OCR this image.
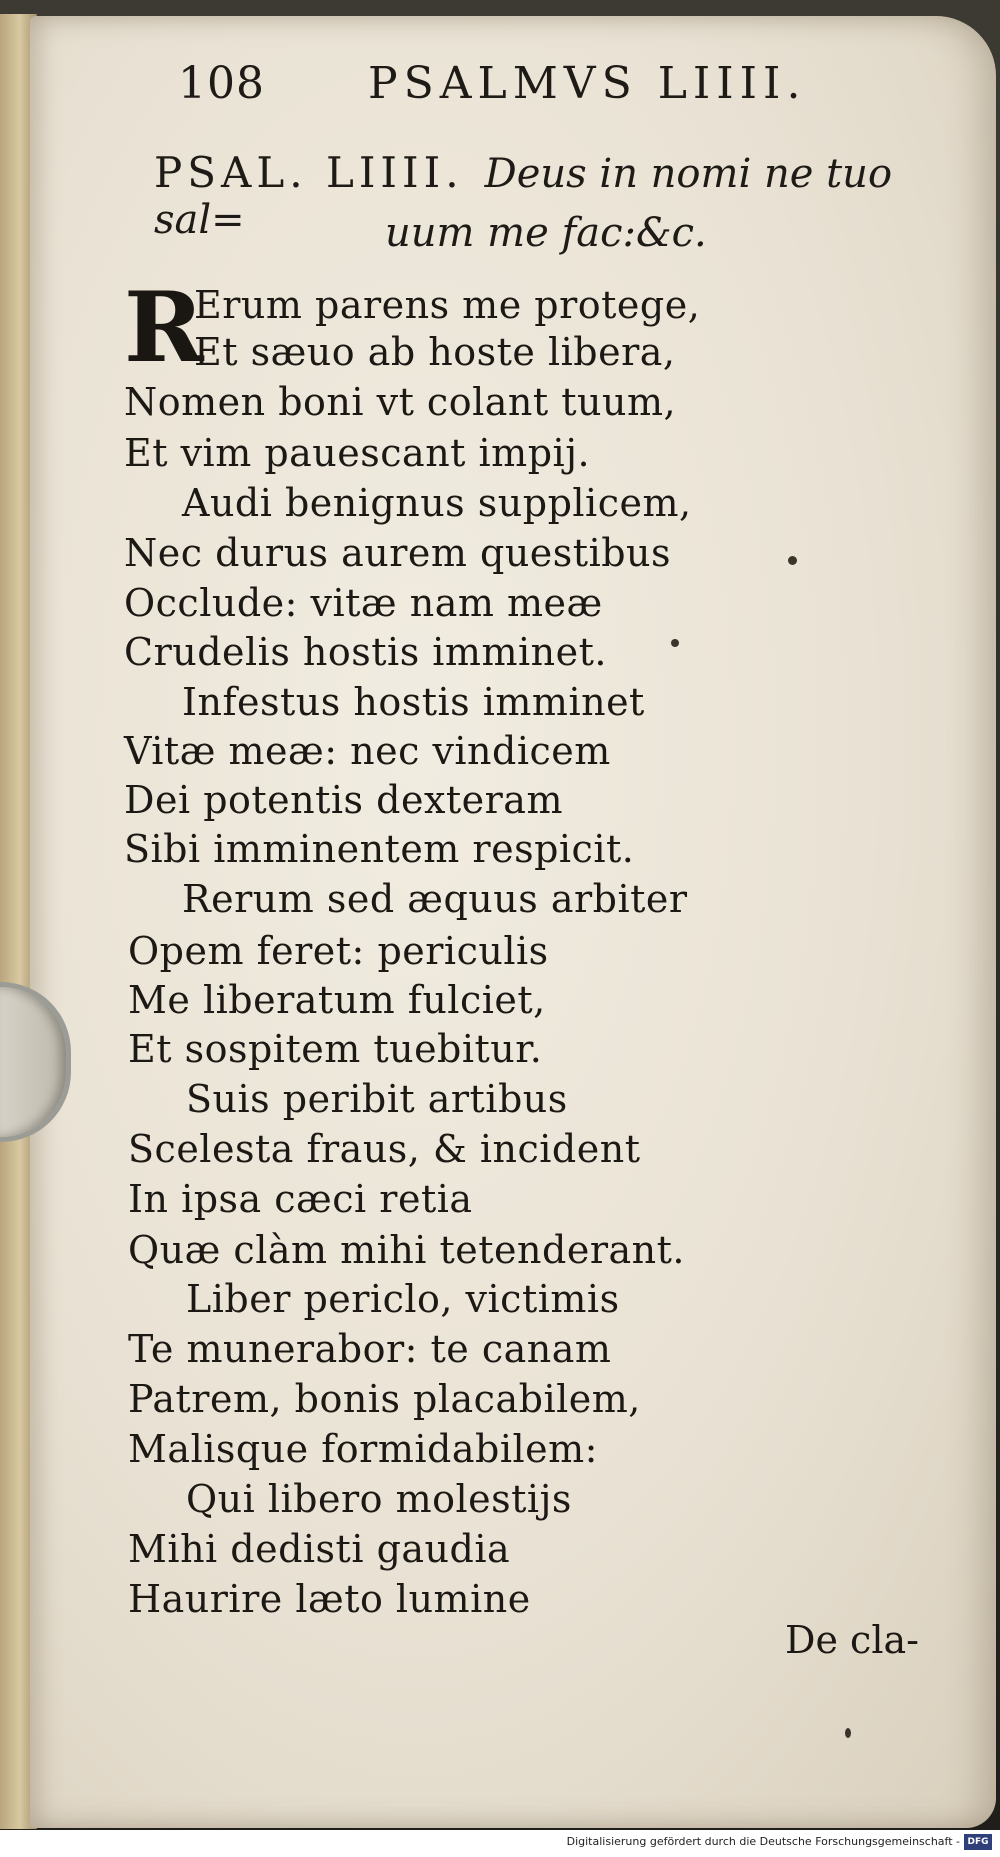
108 PSALMVS LIIII.
PSAL. LIIII. Deus in nomi ne tuo sal=	uum me fac:&c.
R
Erum parens me protege,
Et sæuo ab hoste libera,
Nomen boni vt colant tuum,
Et vim pauescant impij.
Audi benignus supplicem,
Nec durus aurem questibus
Occlude: vitæ nam meæ
Crudelis hostis imminet.
Infestus hostis imminet
Vitæ meæ: nec vindicem
Dei potentis dexteram
Sibi imminentem respicit.
Rerum sed æquus arbiter
Opem feret: periculis
Me liberatum fulciet,
Et sospitem tuebitur.
Suis peribit artibus
Scelesta fraus, & incident
In ipsa cæci retia
Quæ clàm mihi tetenderant.
Liber periclo, victimis
Te munerabor: te canam
Patrem, bonis placabilem,
Malisque formidabilem:
Qui libero molestijs
Mihi dedisti gaudia
Haurire læto lumine
De cla-
Digitalisierung gefördert durch die Deutsche Forschungsgemeinschaft - DFG
